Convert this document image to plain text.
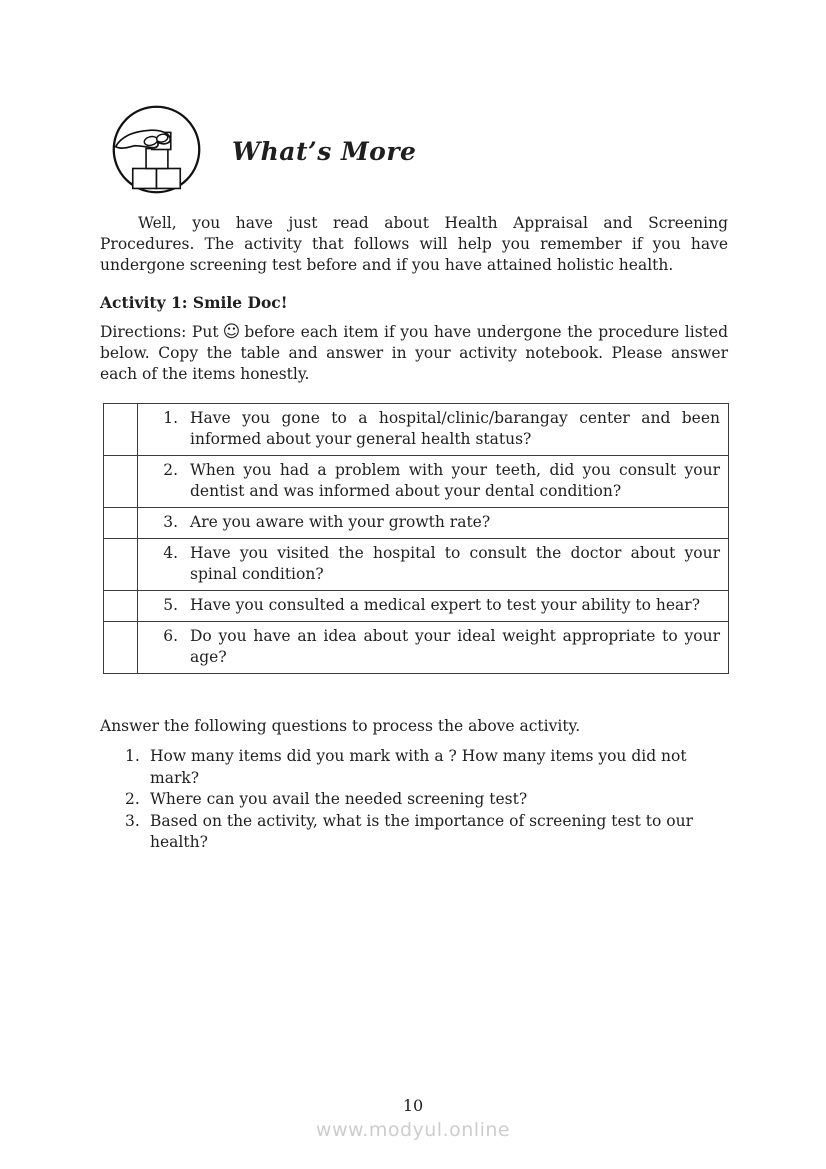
What’s More

Well, you have just read about Health Appraisal and Screening Procedures. The activity that follows will help you remember if you have undergone screening test before and if you have attained holistic health.

Activity 1: Smile Doc!

Directions: Put ☺ before each item if you have undergone the procedure listed below. Copy the table and answer in your activity notebook. Please answer each of the items honestly.

	1. Have you gone to a hospital/clinic/barangay center and been informed about your general health status?

	2. When you had a problem with your teeth, did you consult your dentist and was informed about your dental condition?

	3. Are you aware with your growth rate?

	4. Have you visited the hospital to consult the doctor about your spinal condition?

	5. Have you consulted a medical expert to test your ability to hear?

	6. Do you have an idea about your ideal weight appropriate to your age?

Answer the following questions to process the above activity.

1. How many items did you mark with a ? How many items you did not mark?
2. Where can you avail the needed screening test?
3. Based on the activity, what is the importance of screening test to our health?
10
www.modyul.online
